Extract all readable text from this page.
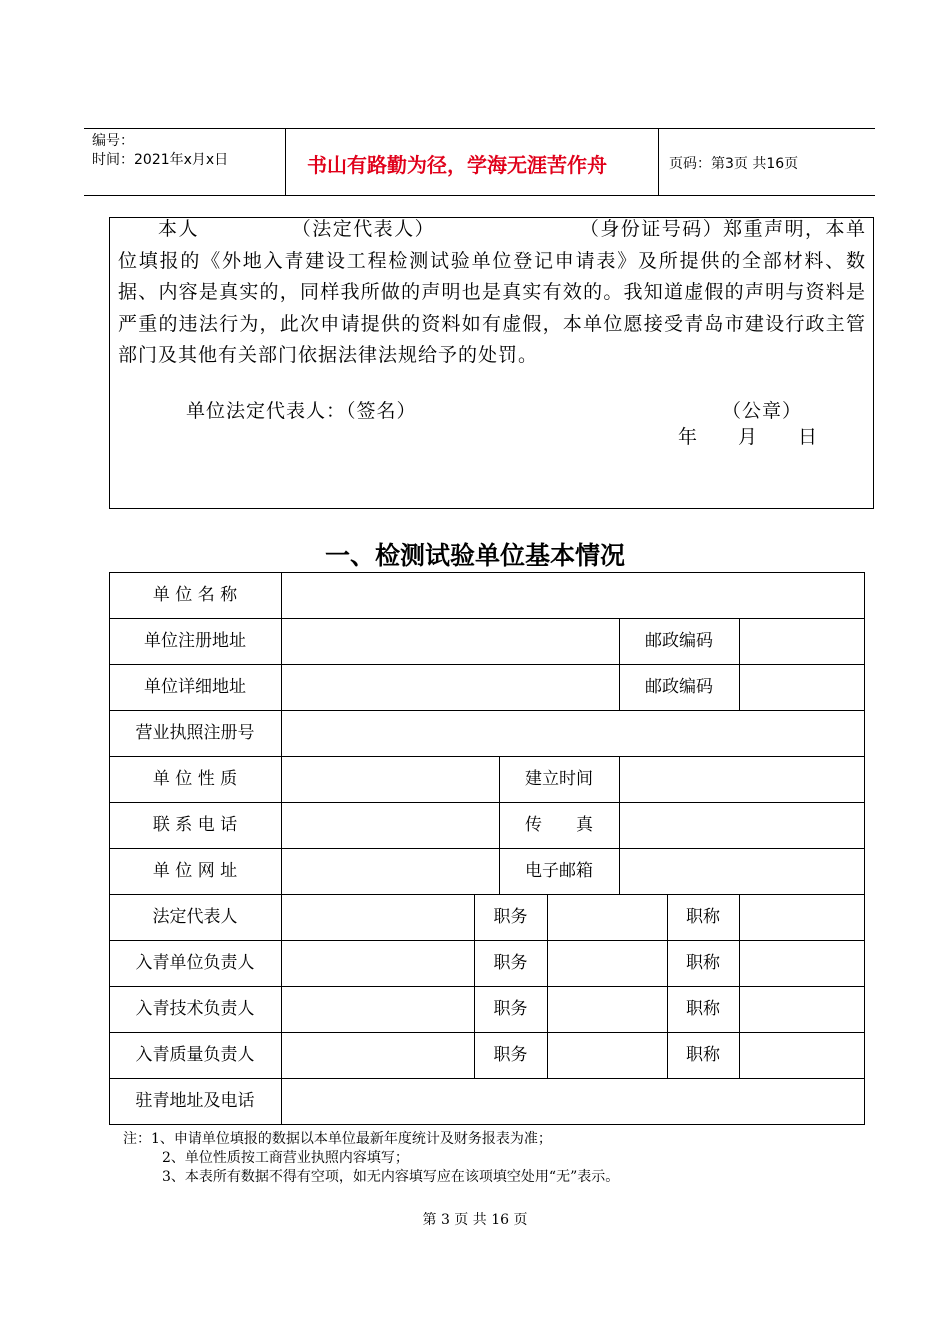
编号：
时间：2021年x月x日	书山有路勤为径，学海无涯苦作舟	页码：第3页 共16页
本人　　　　　（法定代表人）　　　　　　　　（身份证号码）郑重声明，本单位填报的《外地入青建设工程检测试验单位登记申请表》及所提供的全部材料、数据、内容是真实的，同样我所做的声明也是真实有效的。我知道虚假的声明与资料是严重的违法行为，此次申请提供的资料如有虚假，本单位愿接受青岛市建设行政主管部门及其他有关部门依据法律法规给予的处罚。
单位法定代表人：（签名）	（公章）
年　　月　　日
一、检测试验单位基本情况
单 位 名 称
单位注册地址	邮政编码
单位详细地址	邮政编码
营业执照注册号
单 位 性 质	建立时间
联 系 电 话	传　　真
单 位 网 址	电子邮箱
法定代表人	职务	职称
入青单位负责人	职务	职称
入青技术负责人	职务	职称
入青质量负责人	职务	职称
驻青地址及电话
注：1、申请单位填报的数据以本单位最新年度统计及财务报表为准；
2、单位性质按工商营业执照内容填写；
3、本表所有数据不得有空项，如无内容填写应在该项填空处用“无”表示。
第 3 页 共 16 页
